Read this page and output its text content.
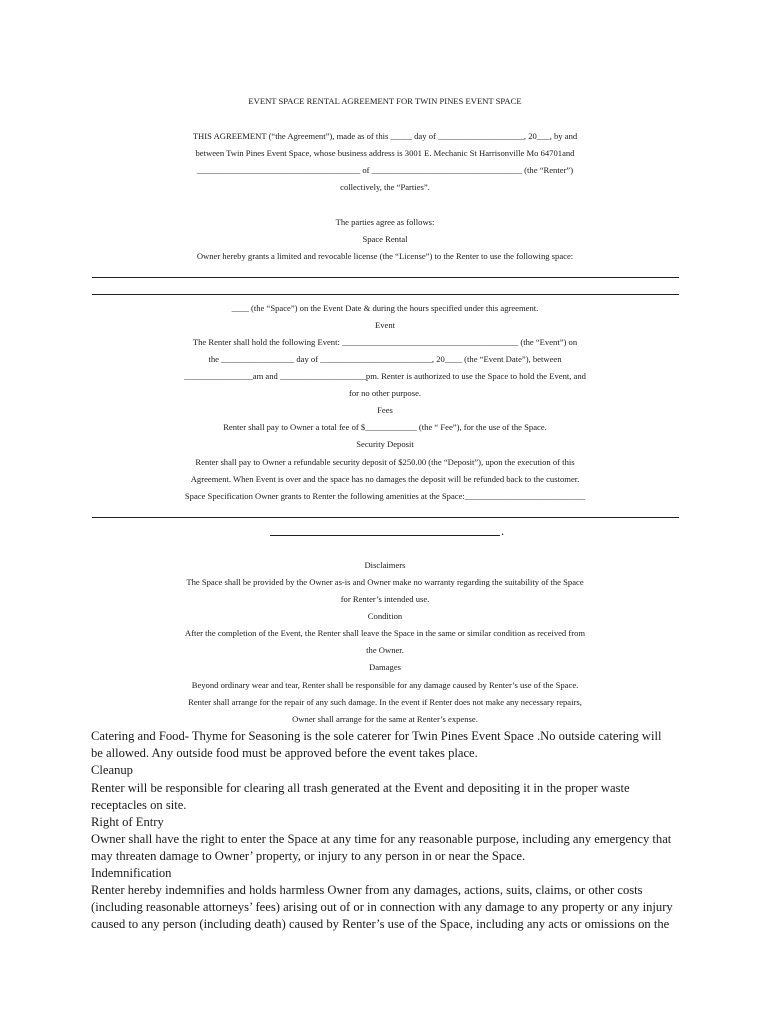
EVENT SPACE RENTAL AGREEMENT FOR TWIN PINES EVENT SPACE
THIS AGREEMENT (“the Agreement”), made as of this _____ day of ____________________, 20___, by and
between Twin Pines Event Space, whose business address is 3001 E. Mechanic St Harrisonville Mo 64701and
______________________________________ of ___________________________________ (the “Renter”)
collectively, the “Parties”.
The parties agree as follows:
Space Rental
Owner hereby grants a limited and revocable license (the “License”) to the Renter to use the following space:
____ (the “Space”) on the Event Date & during the hours specified under this agreement.
Event
The Renter shall hold the following Event: _________________________________________ (the “Event”) on
the _________________ day of __________________________, 20____ (the “Event Date”), between
________________am and ____________________pm. Renter is authorized to use the Space to hold the Event, and
for no other purpose.
Fees
Renter shall pay to Owner a total fee of $____________ (the “ Fee”), for the use of the Space.
Security Deposit
Renter shall pay to Owner a refundable security deposit of $250.00 (the “Deposit”), upon the execution of this
Agreement. When Event is over and the space has no damages the deposit will be refunded back to the customer.
Space Specification Owner grants to Renter the following amenities at the Space:____________________________
.
Disclaimers
The Space shall be provided by the Owner as-is and Owner make no warranty regarding the suitability of the Space
for Renter’s intended use.
Condition
After the completion of the Event, the Renter shall leave the Space in the same or similar condition as received from
the Owner.
Damages
Beyond ordinary wear and tear, Renter shall be responsible for any damage caused by Renter’s use of the Space.
Renter shall arrange for the repair of any such damage. In the event if Renter does not make any necessary repairs,
Owner shall arrange for the same at Renter’s expense.
Catering and Food- Thyme for Seasoning is the sole caterer for Twin Pines Event Space .No outside catering will
be allowed. Any outside food must be approved before the event takes place.
Cleanup
Renter will be responsible for clearing all trash generated at the Event and depositing it in the proper waste
receptacles on site.
Right of Entry
Owner shall have the right to enter the Space at any time for any reasonable purpose, including any emergency that
may threaten damage to Owner’ property, or injury to any person in or near the Space.
Indemnification
Renter hereby indemnifies and holds harmless Owner from any damages, actions, suits, claims, or other costs
(including reasonable attorneys’ fees) arising out of or in connection with any damage to any property or any injury
caused to any person (including death) caused by Renter’s use of the Space, including any acts or omissions on the
